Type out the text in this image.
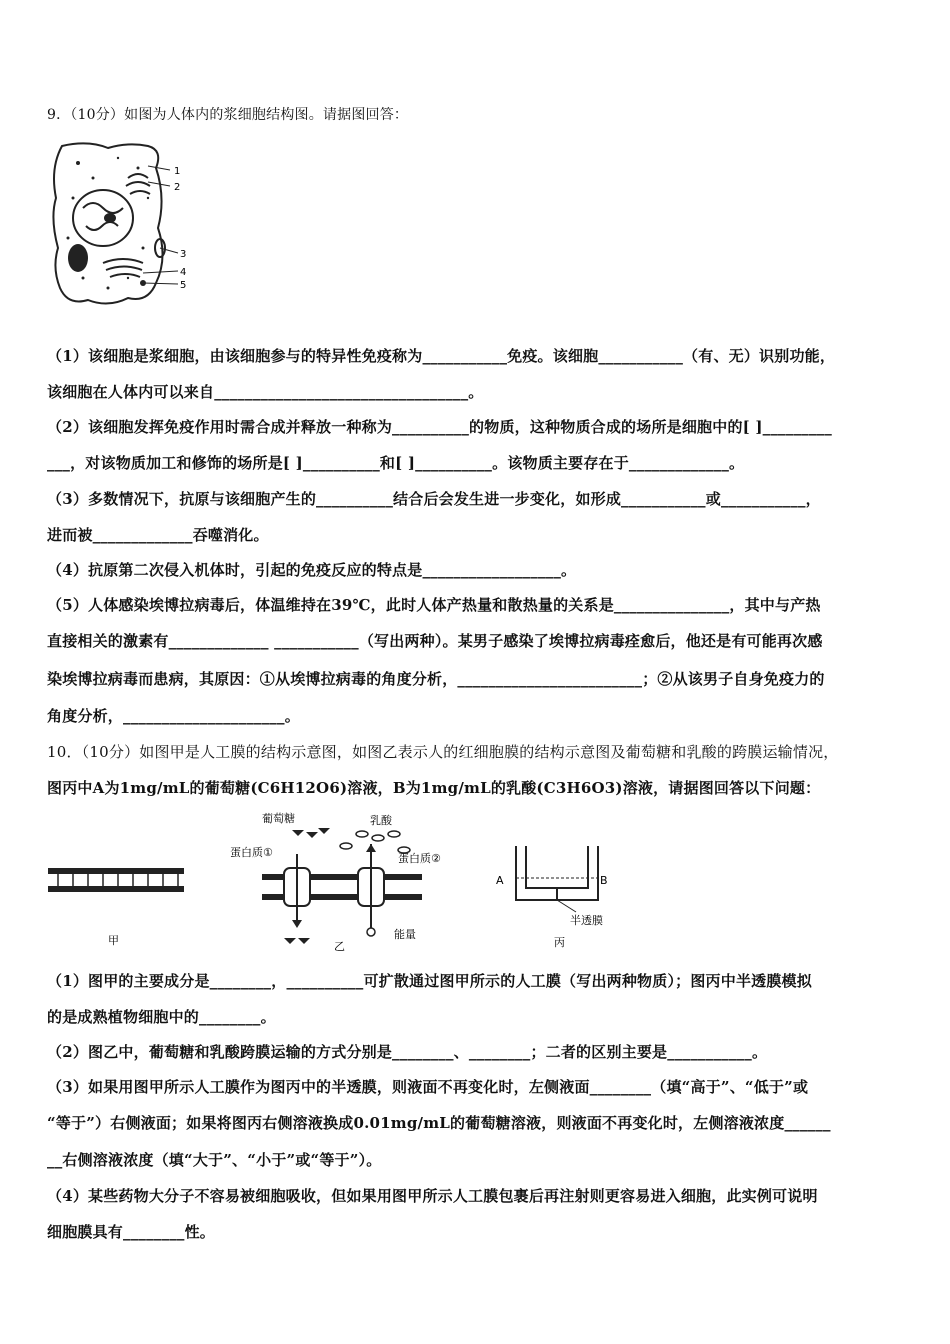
9．（10分）如图为人体内的浆细胞结构图。请据图回答：
1
2
3
4
5
（1）该细胞是浆细胞，由该细胞参与的特异性免疫称为___________免疫。该细胞___________（有、无）识别功能，
该细胞在人体内可以来自_________________________________。
（2）该细胞发挥免疫作用时需合成并释放一种称为__________的物质，这种物质合成的场所是细胞中的[ ]_________
___，对该物质加工和修饰的场所是[ ]__________和[ ]__________。该物质主要存在于_____________。
（3）多数情况下，抗原与该细胞产生的__________结合后会发生进一步变化，如形成___________或___________，
进而被_____________吞噬消化。
（4）抗原第二次侵入机体时，引起的免疫反应的特点是__________________。
（5）人体感染埃博拉病毒后，体温维持在39℃，此时人体产热量和散热量的关系是_______________，其中与产热
直接相关的激素有_____________ ___________（写出两种）。某男子感染了埃博拉病毒痊愈后，他还是有可能再次感
染埃博拉病毒而患病，其原因：①从埃博拉病毒的角度分析，________________________；②从该男子自身免疫力的
角度分析，_____________________。
10．（10分）如图甲是人工膜的结构示意图，如图乙表示人的红细胞膜的结构示意图及葡萄糖和乳酸的跨膜运输情况，
图丙中A为1mg/mL的葡萄糖(C6H12O6)溶液，B为1mg/mL的乳酸(C3H6O3)溶液，请据图回答以下问题：
甲
葡萄糖	乳酸
蛋白质①	蛋白质②
能量
乙
A	B
半透膜
丙
（1）图甲的主要成分是________，__________可扩散通过图甲所示的人工膜（写出两种物质）；图丙中半透膜模拟
的是成熟植物细胞中的________。
（2）图乙中，葡萄糖和乳酸跨膜运输的方式分别是________、________；二者的区别主要是___________。
（3）如果用图甲所示人工膜作为图丙中的半透膜，则液面不再变化时，左侧液面________（填“高于”、“低于”或
“等于”）右侧液面；如果将图丙右侧溶液换成0.01mg/mL的葡萄糖溶液，则液面不再变化时，左侧溶液浓度______
__右侧溶液浓度（填“大于”、“小于”或“等于”）。
（4）某些药物大分子不容易被细胞吸收，但如果用图甲所示人工膜包裹后再注射则更容易进入细胞，此实例可说明
细胞膜具有________性。
